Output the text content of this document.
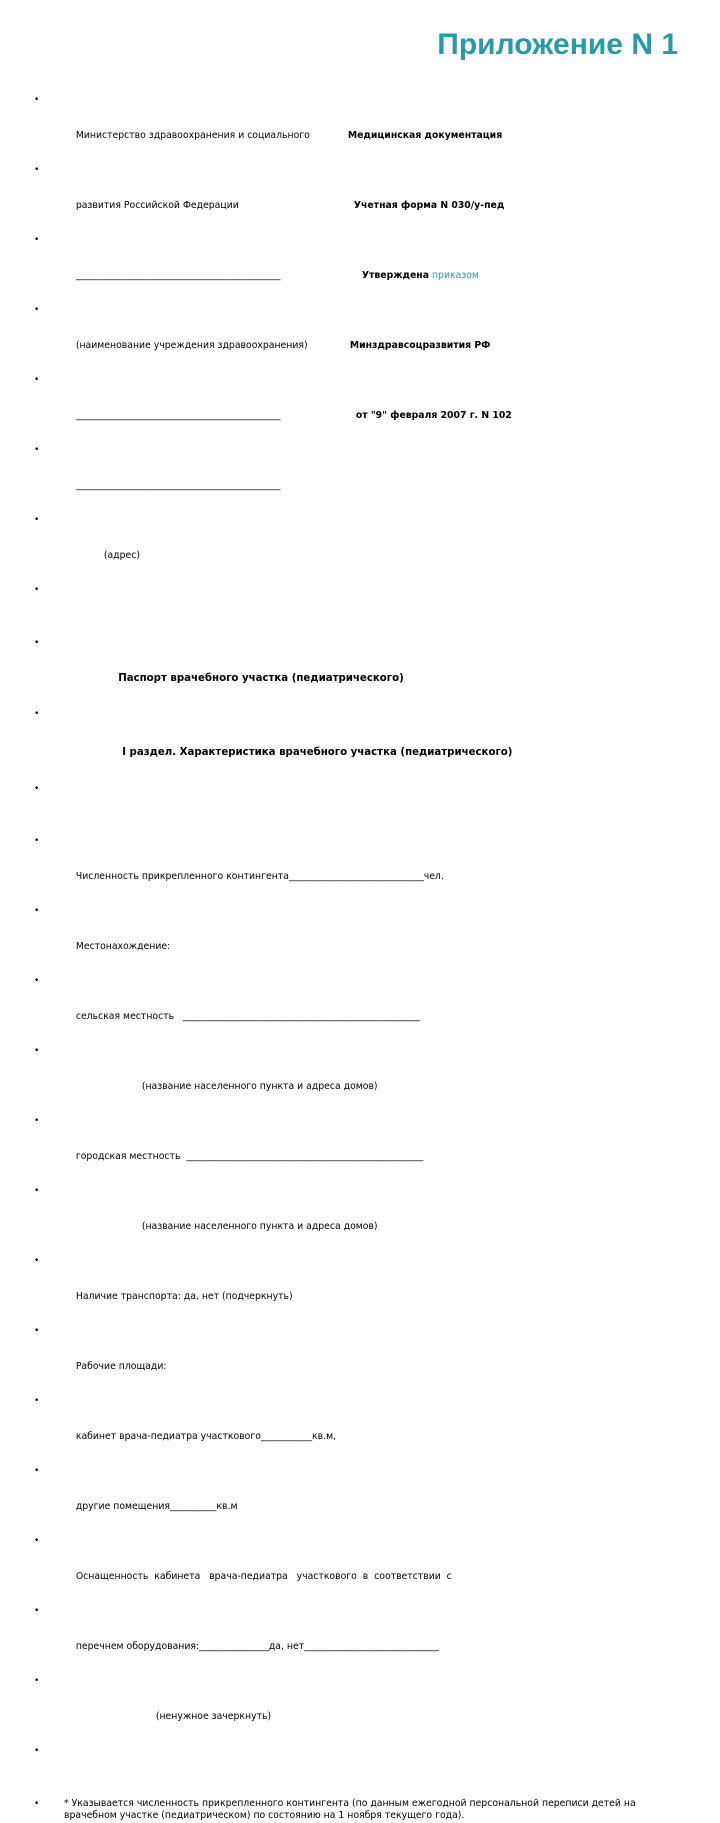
Приложение N 1

•

Министерство здравоохранения и социального	Медицинская документация

•

развития Российской Федерации	Учетная форма N 030/у-пед

•

____________________________________________	Утверждена приказом

•

(наименование учреждения здравоохранения)	Минздравсоцразвития РФ

•

____________________________________________	от "9" февраля 2007 г. N 102

•

____________________________________________

•

(адрес)

•

•

Паспорт врачебного участка (педиатрического)

•

I раздел. Характеристика врачебного участка (педиатрического)

•

•

Численность прикрепленного контингента_____________________________чел.

•

Местонахождение:

•

сельская местность   ___________________________________________________

•

(название населенного пункта и адреса домов)

•

городская местность  ___________________________________________________

•

(название населенного пункта и адреса домов)

•

Наличие транспорта: да, нет (подчеркнуть)

•

Рабочие площади:

•

кабинет врача-педиатра участкового___________кв.м,

•

другие помещения__________кв.м

•

Оснащенность  кабинета   врача-педиатра   участкового  в  соответствии  с

•

перечнем оборудования:_______________да, нет_____________________________

•

(ненужное зачеркнуть)

•

•	* Указывается численность прикрепленного контингента (по данным ежегодной персональной переписи детей на врачебном участке (педиатрическом) по состоянию на 1 ноября текущего года).
